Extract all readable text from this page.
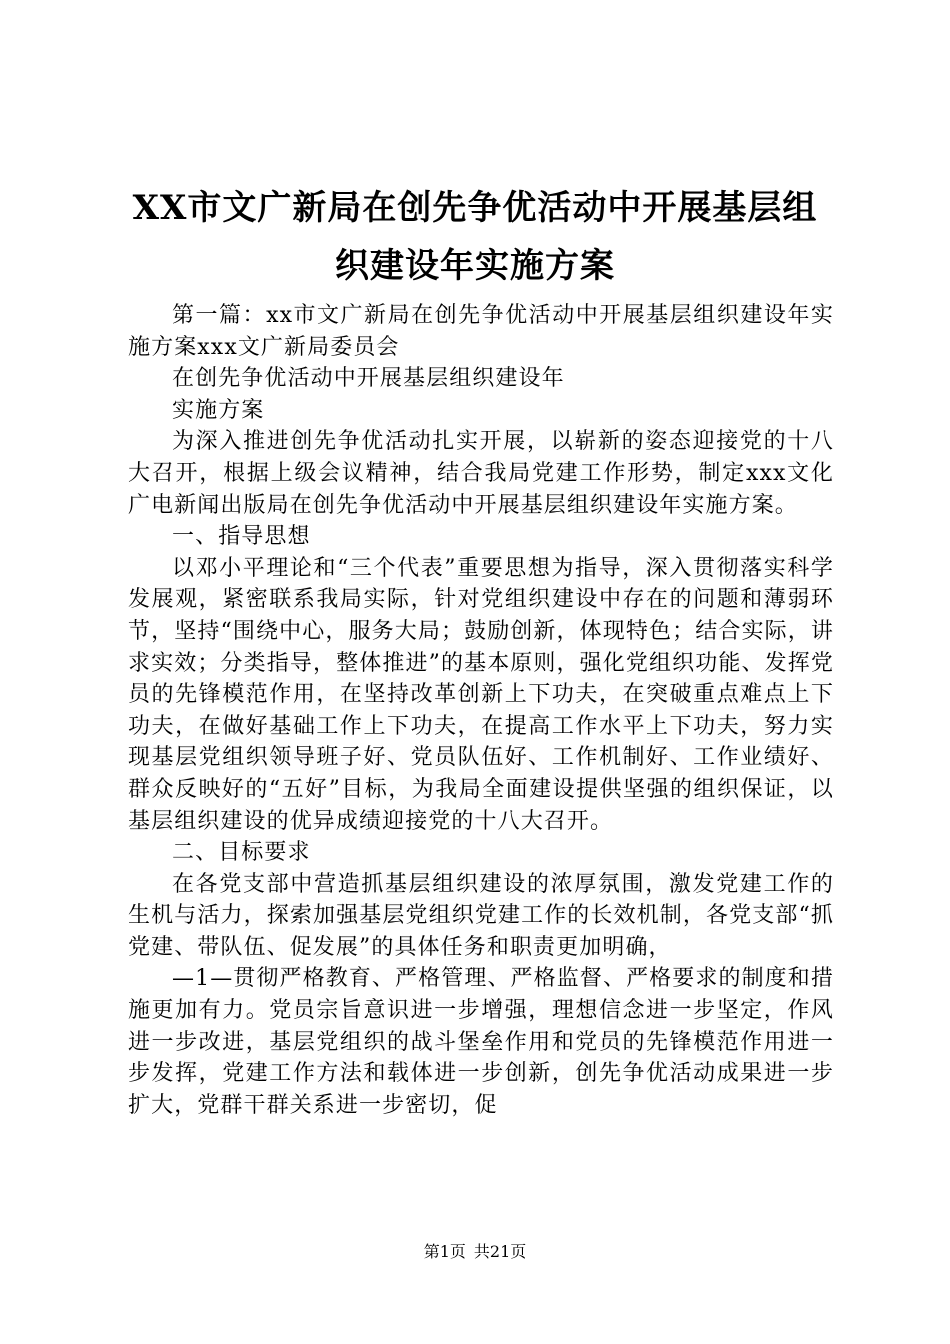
XX市文广新局在创先争优活动中开展基层组
织建设年实施方案

第一篇：xx市文广新局在创先争优活动中开展基层组织建设年实施方案xxx文广新局委员会

在创先争优活动中开展基层组织建设年

实施方案

为深入推进创先争优活动扎实开展，以崭新的姿态迎接党的十八大召开，根据上级会议精神，结合我局党建工作形势，制定xxx文化广电新闻出版局在创先争优活动中开展基层组织建设年实施方案。

一、指导思想

以邓小平理论和“三个代表”重要思想为指导，深入贯彻落实科学发展观，紧密联系我局实际，针对党组织建设中存在的问题和薄弱环节，坚持“围绕中心，服务大局；鼓励创新，体现特色；结合实际，讲求实效；分类指导，整体推进”的基本原则，强化党组织功能、发挥党员的先锋模范作用，在坚持改革创新上下功夫，在突破重点难点上下功夫，在做好基础工作上下功夫，在提高工作水平上下功夫，努力实现基层党组织领导班子好、党员队伍好、工作机制好、工作业绩好、群众反映好的“五好”目标，为我局全面建设提供坚强的组织保证，以基层组织建设的优异成绩迎接党的十八大召开。

二、目标要求

在各党支部中营造抓基层组织建设的浓厚氛围，激发党建工作的生机与活力，探索加强基层党组织党建工作的长效机制，各党支部“抓党建、带队伍、促发展”的具体任务和职责更加明确，

—1—贯彻严格教育、严格管理、严格监督、严格要求的制度和措施更加有力。党员宗旨意识进一步增强，理想信念进一步坚定，作风进一步改进，基层党组织的战斗堡垒作用和党员的先锋模范作用进一步发挥，党建工作方法和载体进一步创新，创先争优活动成果进一步扩大，党群干群关系进一步密切，促

第1页 共21页
